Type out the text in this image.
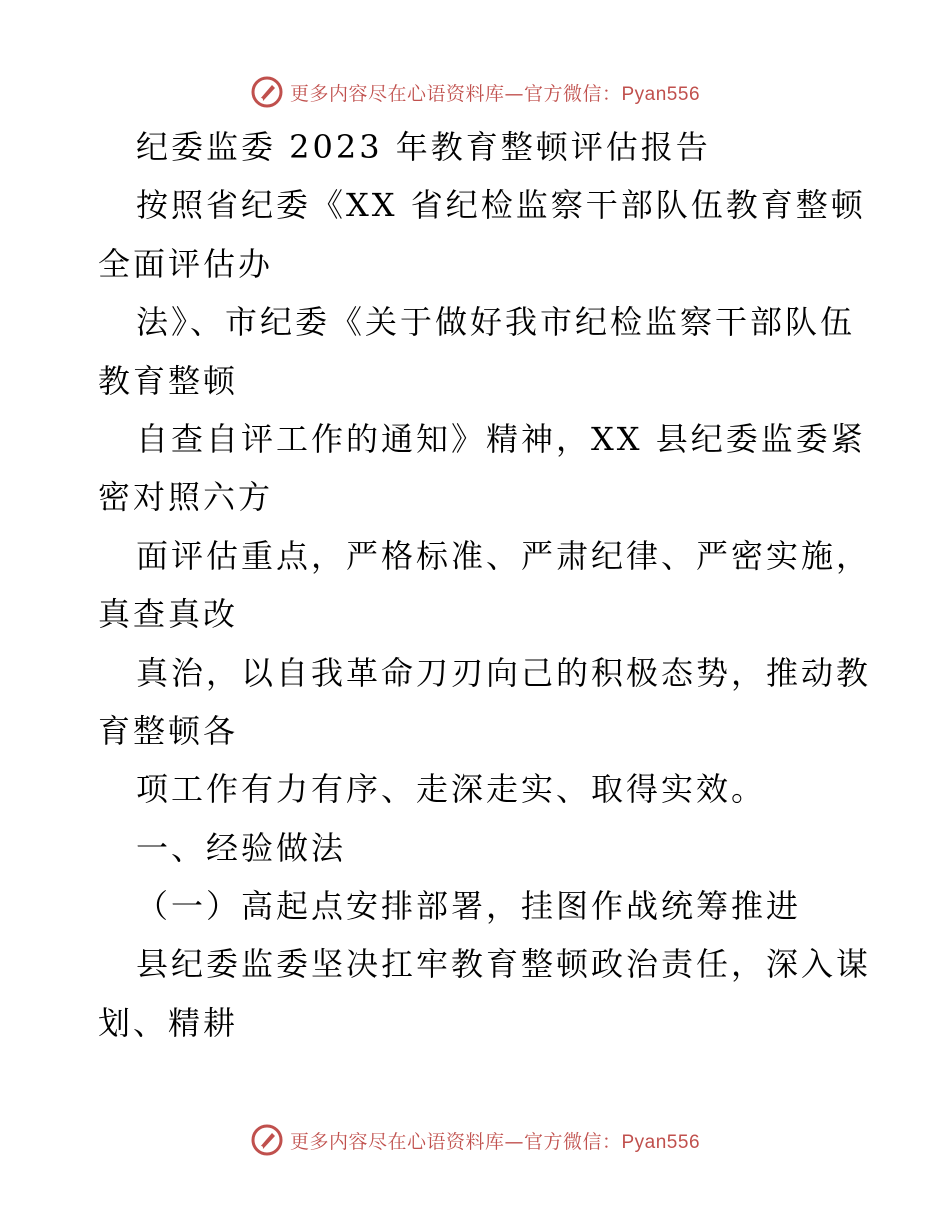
更多内容尽在心语资料库—官方微信：Pyan556
纪委监委 2023 年教育整顿评估报告
按照省纪委《XX 省纪检监察干部队伍教育整顿
全面评估办
法》、市纪委《关于做好我市纪检监察干部队伍
教育整顿
自查自评工作的通知》精神，XX 县纪委监委紧
密对照六方
面评估重点，严格标准、严肃纪律、严密实施，
真查真改
真治，以自我革命刀刃向己的积极态势，推动教
育整顿各
项工作有力有序、走深走实、取得实效。
一、经验做法
（一）高起点安排部署，挂图作战统筹推进
县纪委监委坚决扛牢教育整顿政治责任，深入谋
划、精耕
更多内容尽在心语资料库—官方微信：Pyan556
